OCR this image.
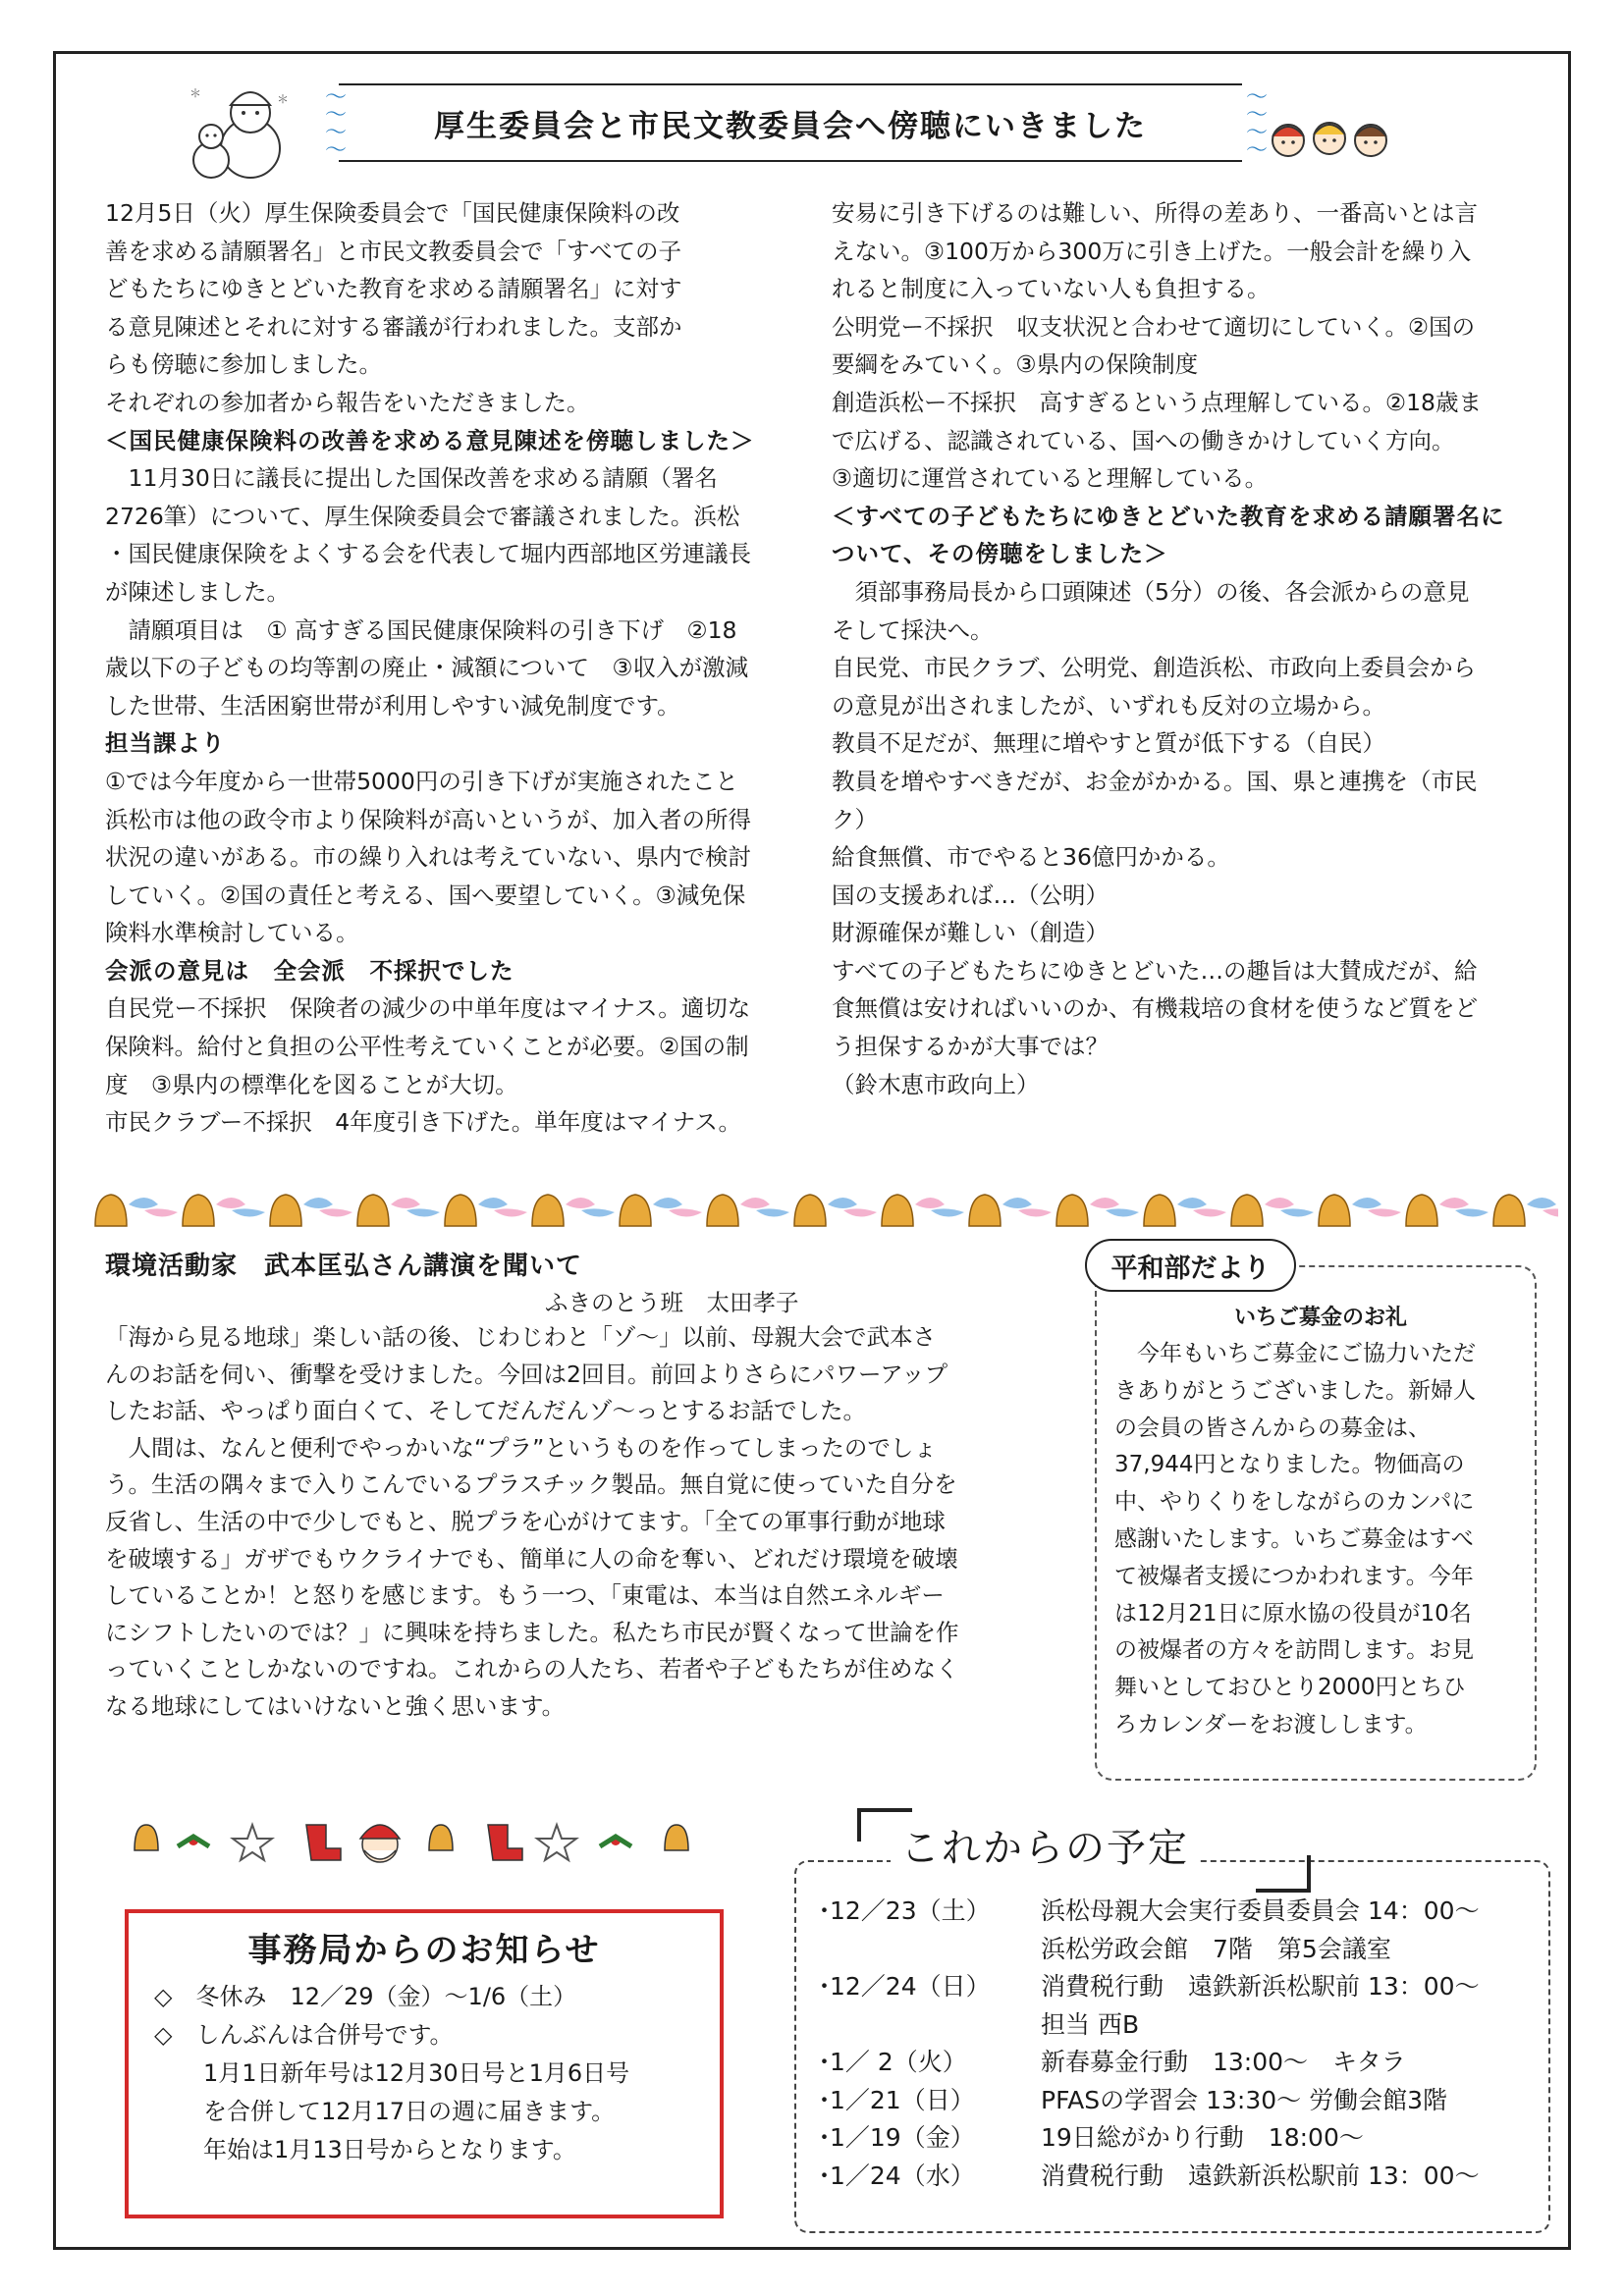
＊	＊ 〜
〜
〜
〜
厚生委員会と市民文教委員会へ傍聴にいきました
〜
〜
〜
〜

12月5日（火）厚生保険委員会で「国民健康保険料の改

善を求める請願署名」と市民文教委員会で「すべての子

どもたちにゆきとどいた教育を求める請願署名」に対す

る意見陳述とそれに対する審議が行われました。支部か

らも傍聴に参加しました。

それぞれの参加者から報告をいただきました。

＜国民健康保険料の改善を求める意見陳述を傍聴しました＞

　11月30日に議長に提出した国保改善を求める請願（署名

2726筆）について、厚生保険委員会で審議されました。浜松

・国民健康保険をよくする会を代表して堀内西部地区労連議長

が陳述しました。

　請願項目は　① 高すぎる国民健康保険料の引き下げ　②18

歳以下の子どもの均等割の廃止・減額について　③収入が激減

した世帯、生活困窮世帯が利用しやすい減免制度です。

担当課より

①では今年度から一世帯5000円の引き下げが実施されたこと

浜松市は他の政令市より保険料が高いというが、加入者の所得

状況の違いがある。市の繰り入れは考えていない、県内で検討

していく。②国の責任と考える、国へ要望していく。③減免保

険料水準検討している。

会派の意見は　全会派　不採択でした

自民党ー不採択　保険者の減少の中単年度はマイナス。適切な

保険料。給付と負担の公平性考えていくことが必要。②国の制

度　③県内の標準化を図ることが大切。

市民クラブー不採択　4年度引き下げた。単年度はマイナス。

安易に引き下げるのは難しい、所得の差あり、一番高いとは言

えない。③100万から300万に引き上げた。一般会計を繰り入

れると制度に入っていない人も負担する。

公明党ー不採択　収支状況と合わせて適切にしていく。②国の

要綱をみていく。③県内の保険制度

創造浜松ー不採択　高すぎるという点理解している。②18歳ま

で広げる、認識されている、国への働きかけしていく方向。

③適切に運営されていると理解している。

＜すべての子どもたちにゆきとどいた教育を求める請願署名に

ついて、その傍聴をしました＞

　須部事務局長から口頭陳述（5分）の後、各会派からの意見

そして採決へ。

自民党、市民クラブ、公明党、創造浜松、市政向上委員会から

の意見が出されましたが、いずれも反対の立場から。

教員不足だが、無理に増やすと質が低下する（自民）

教員を増やすべきだが、お金がかかる。国、県と連携を（市民

ク）

給食無償、市でやると36億円かかる。

国の支援あれば…（公明）

財源確保が難しい（創造）

すべての子どもたちにゆきとどいた…の趣旨は大賛成だが、給

食無償は安ければいいのか、有機栽培の食材を使うなど質をど

う担保するかが大事では？

（鈴木恵市政向上）

環境活動家　武本匡弘さん講演を聞いて
ふきのとう班　太田孝子

「海から見る地球」楽しい話の後、じわじわと「ゾ～」以前、母親大会で武本さ

んのお話を伺い、衝撃を受けました。今回は2回目。前回よりさらにパワーアップ

したお話、やっぱり面白くて、そしてだんだんゾ～っとするお話でした。

　人間は、なんと便利でやっかいな“プラ”というものを作ってしまったのでしょ

う。生活の隅々まで入りこんでいるプラスチック製品。無自覚に使っていた自分を

反省し、生活の中で少しでもと、脱プラを心がけてます。「全ての軍事行動が地球

を破壊する」ガザでもウクライナでも、簡単に人の命を奪い、どれだけ環境を破壊

していることか！と怒りを感じます。もう一つ、「東電は、本当は自然エネルギー

にシフトしたいのでは？」に興味を持ちました。私たち市民が賢くなって世論を作

っていくことしかないのですね。これからの人たち、若者や子どもたちが住めなく

なる地球にしてはいけないと強く思います。

平和部だより
いちご募金のお礼

　今年もいちご募金にご協力いただ

きありがとうございました。新婦人

の会員の皆さんからの募金は、

37,944円となりました。物価高の

中、やりくりをしながらのカンパに

感謝いたします。いちご募金はすべ

て被爆者支援につかわれます。今年

は12月21日に原水協の役員が10名

の被爆者の方々を訪問します。お見

舞いとしておひとり2000円とちひ

ろカレンダーをお渡しします。

事務局からのお知らせ
◇　 冬休み　12／29（金）～1/6（土）
◇　 しんぶんは合併号です。
1月1日新年号は12月30日号と1月6日号
を合併して12月17日の週に届きます。
年始は1月13日号からとなります。
これからの予定
・
12／23（土）	浜松母親大会実行委員委員会 14：00～
浜松労政会館　7階　第5会議室
・
12／24（日）	消費税行動　遠鉄新浜松駅前 13：00～
担当 西B
・
1／ 2（火）	新春募金行動　13:00～　キタラ
・
1／21（日）	PFASの学習会 13:30～ 労働会館3階
・
1／19（金）	19日総がかり行動　18:00～
・
1／24（水）	消費税行動　遠鉄新浜松駅前 13：00～
